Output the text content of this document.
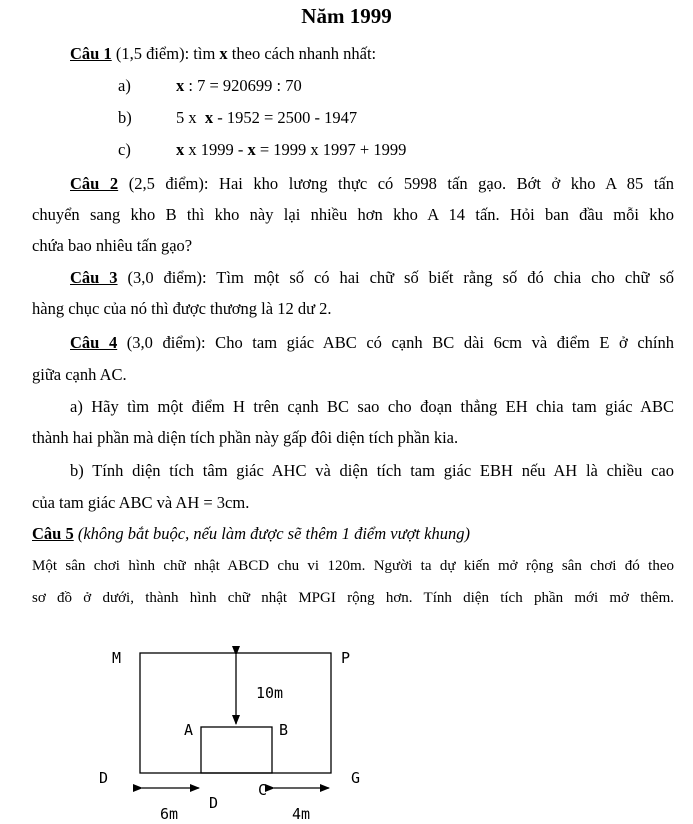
Năm 1999
Câu 1 (1,5 điểm): tìm x theo cách nhanh nhất:
a)	x : 7 = 920699 : 70
b)	5 x  x - 1952 = 2500 - 1947
c)	x x 1999 - x = 1999 x 1997 + 1999
Câu 2 (2,5 điểm): Hai kho lương thực có 5998 tấn gạo. Bớt ở kho A 85 tấn
chuyển sang kho B thì kho này lại nhiều hơn kho A 14 tấn. Hỏi ban đầu mỗi kho
chứa bao nhiêu tấn gạo?
Câu 3 (3,0 điểm): Tìm một số có hai chữ số biết rằng số đó chia cho chữ số
hàng chục của nó thì được thương là 12 dư 2.
Câu 4 (3,0 điểm): Cho tam giác ABC có cạnh BC dài 6cm và điểm E ở chính
giữa cạnh AC.
a) Hãy tìm một điểm H trên cạnh BC sao cho đoạn thẳng EH chia tam giác ABC
thành hai phần mà diện tích phần này gấp đôi diện tích phần kia.
b) Tính diện tích tâm giác AHC và diện tích tam giác EBH nếu AH là chiều cao
của tam giác ABC và AH = 3cm.
Câu 5 (không bắt buộc, nếu làm được sẽ thêm 1 điểm vượt khung)
Một sân chơi hình chữ nhật ABCD chu vi 120m. Người ta dự kiến mở rộng sân chơi đó theo
sơ đồ ở dưới, thành hình chữ nhật MPGI rộng hơn. Tính diện tích phần mới mở thêm.
M	P
10m
A	B
D	G
C
D
6m	4m
